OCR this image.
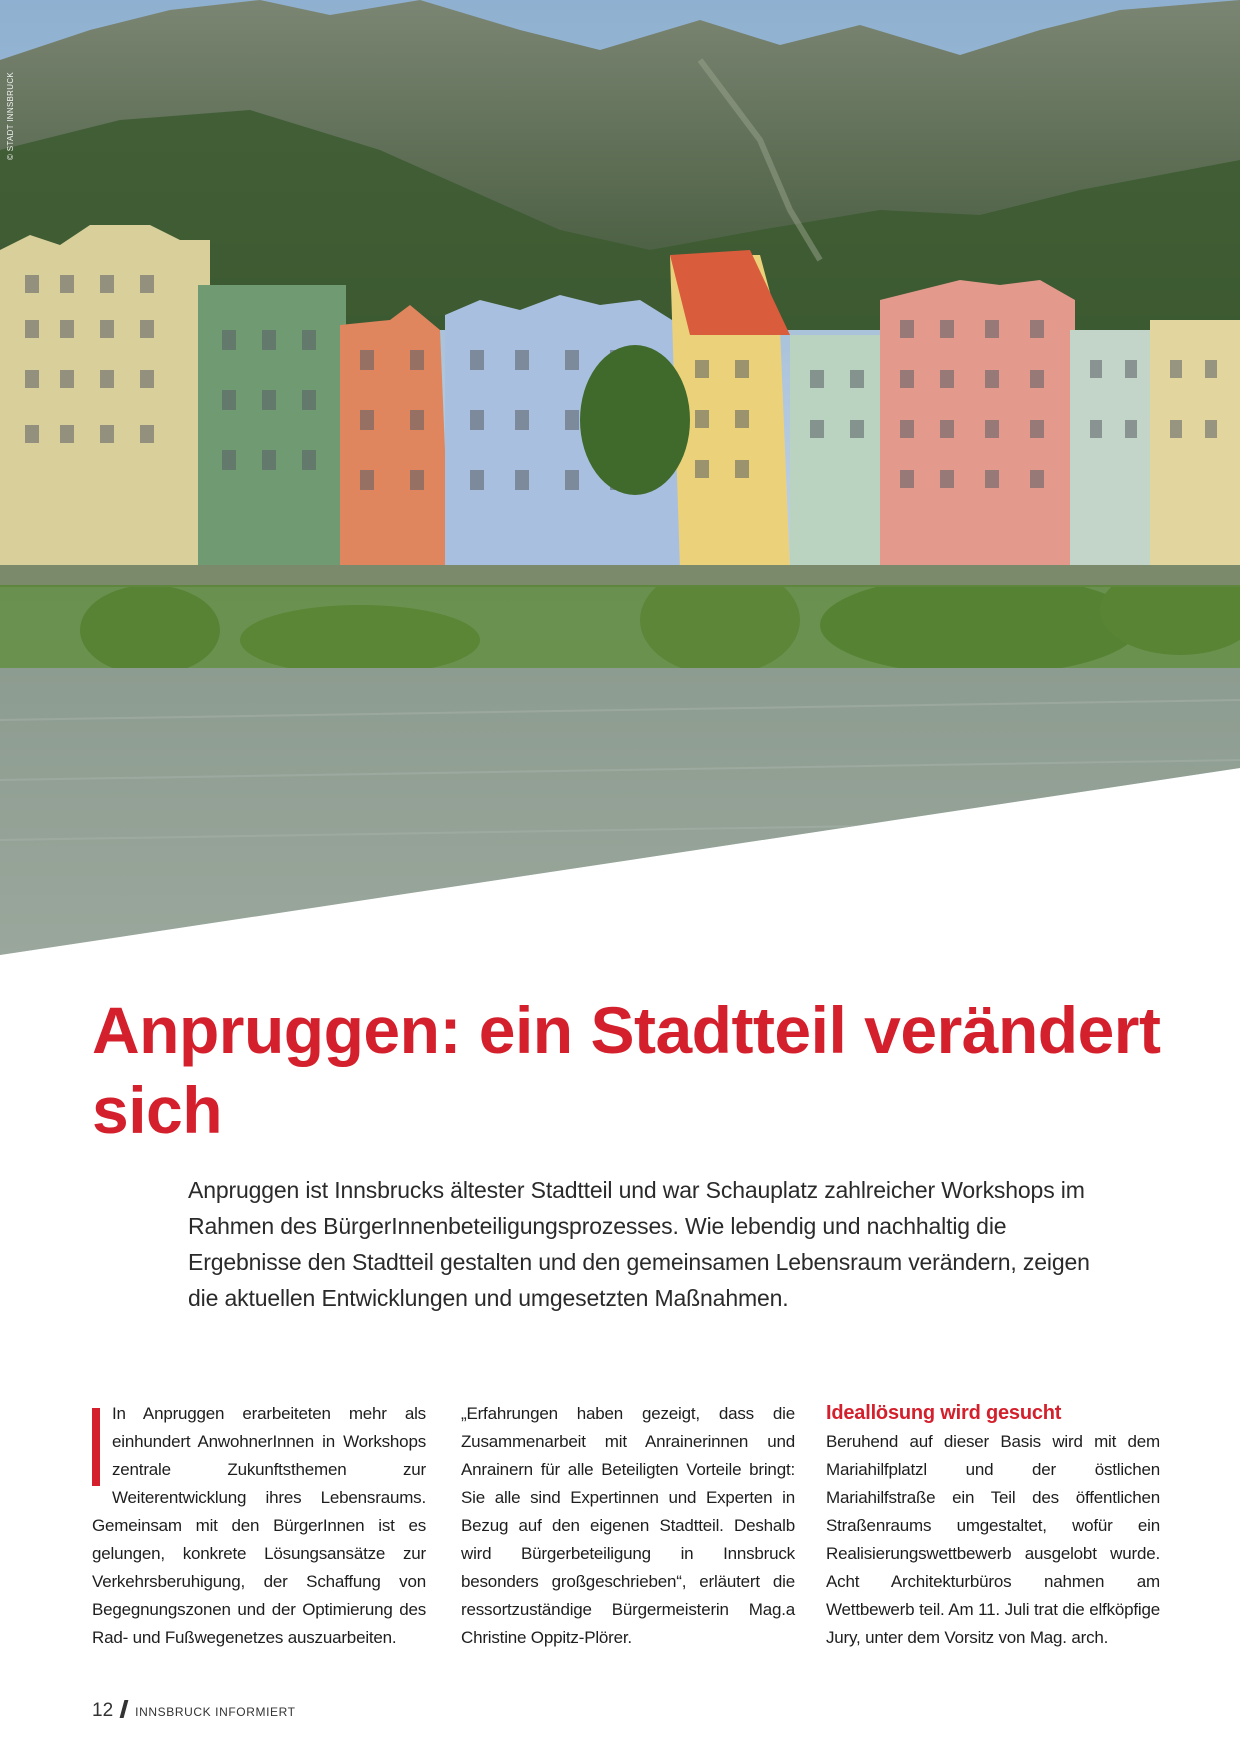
© STADT INNSBRUCK
Anpruggen: ein Stadtteil verändert sich

Anpruggen ist Innsbrucks ältester Stadtteil und war Schauplatz zahlreicher Workshops im Rahmen des BürgerInnenbeteiligungsprozesses. Wie lebendig und nachhaltig die Ergebnisse den Stadtteil gestalten und den gemeinsamen Lebensraum verändern, zeigen die aktuellen Entwicklungen und umgesetzten Maßnahmen.

In Anpruggen erarbeiteten mehr als einhundert AnwohnerInnen in Workshops zentrale Zukunftsthemen zur Weiterentwicklung ihres Lebensraums. Gemeinsam mit den BürgerInnen ist es gelungen, konkrete Lösungsansätze zur Verkehrsberuhigung, der Schaffung von Begegnungszonen und der Optimierung des Rad- und Fußwegenetzes auszuarbeiten.

„Erfahrungen haben gezeigt, dass die Zusammenarbeit mit Anrainerinnen und Anrainern für alle Beteiligten Vorteile bringt: Sie alle sind Expertinnen und Experten in Bezug auf den eigenen Stadtteil. Deshalb wird Bürgerbeteiligung in Innsbruck besonders großgeschrieben“, erläutert die ressortzuständige Bürgermeisterin Mag.a Christine Oppitz-Plörer.

Ideallösung wird gesucht
Beruhend auf dieser Basis wird mit dem Mariahilfplatzl und der östlichen Mariahilfstraße ein Teil des öffentlichen Straßenraums umgestaltet, wofür ein Realisierungswettbewerb ausgelobt wurde. Acht Architekturbüros nahmen am Wettbewerb teil. Am 11. Juli trat die elfköpfige Jury, unter dem Vorsitz von Mag. arch.
12 INNSBRUCK INFORMIERT
